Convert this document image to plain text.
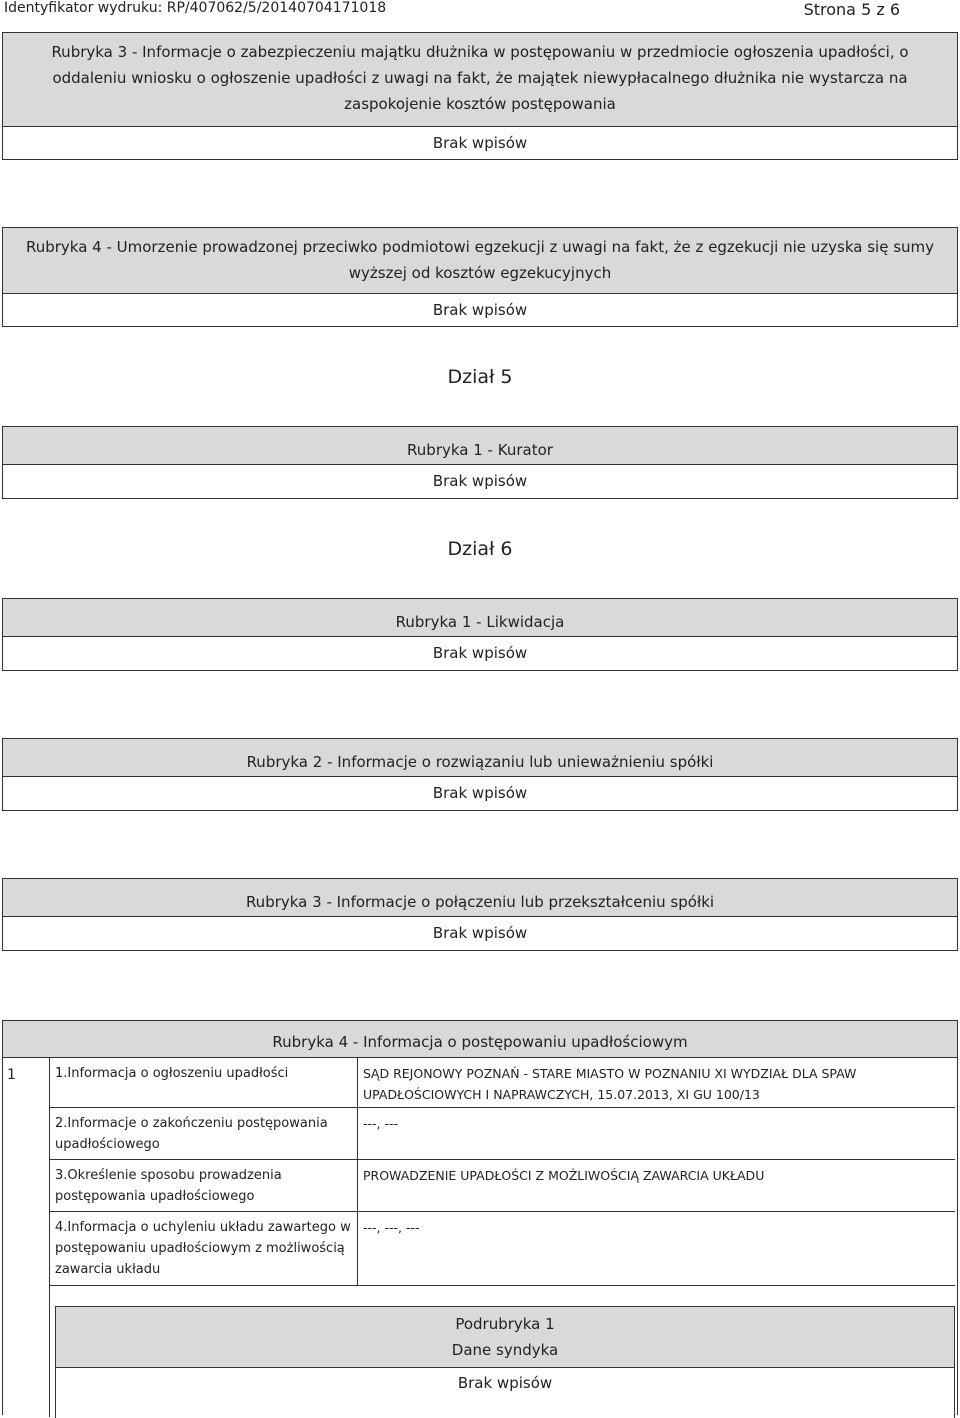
Identyfikator wydruku: RP/407062/5/20140704171018	Strona 5 z 6
Rubryka 3 - Informacje o zabezpieczeniu majątku dłużnika w postępowaniu w przedmiocie ogłoszenia upadłości, o oddaleniu wniosku o ogłoszenie upadłości z uwagi na fakt, że majątek niewypłacalnego dłużnika nie wystarcza na zaspokojenie kosztów postępowania
Brak wpisów
Rubryka 4 - Umorzenie prowadzonej przeciwko podmiotowi egzekucji z uwagi na fakt, że z egzekucji nie uzyska się sumy wyższej od kosztów egzekucyjnych
Brak wpisów
Dział 5
Rubryka 1 - Kurator
Brak wpisów
Dział 6
Rubryka 1 - Likwidacja
Brak wpisów
Rubryka 2 - Informacje o rozwiązaniu lub unieważnieniu spółki
Brak wpisów
Rubryka 3 - Informacje o połączeniu lub przekształceniu spółki
Brak wpisów
Rubryka 4 - Informacja o postępowaniu upadłościowym
1	1.Informacja o ogłoszeniu upadłości	SĄD REJONOWY POZNAŃ - STARE MIASTO W POZNANIU XI WYDZIAŁ DLA SPAW UPADŁOŚCIOWYCH I NAPRAWCZYCH, 15.07.2013, XI GU 100/13
2.Informacje o zakończeniu postępowania upadłościowego
---, ---
3.Określenie sposobu prowadzenia postępowania upadłościowego
PROWADZENIE UPADŁOŚCI Z MOŻLIWOŚCIĄ ZAWARCIA UKŁADU
4.Informacja o uchyleniu układu zawartego w postępowaniu upadłościowym z możliwością zawarcia układu
---, ---, ---
Podrubryka 1
Dane syndyka
Brak wpisów
